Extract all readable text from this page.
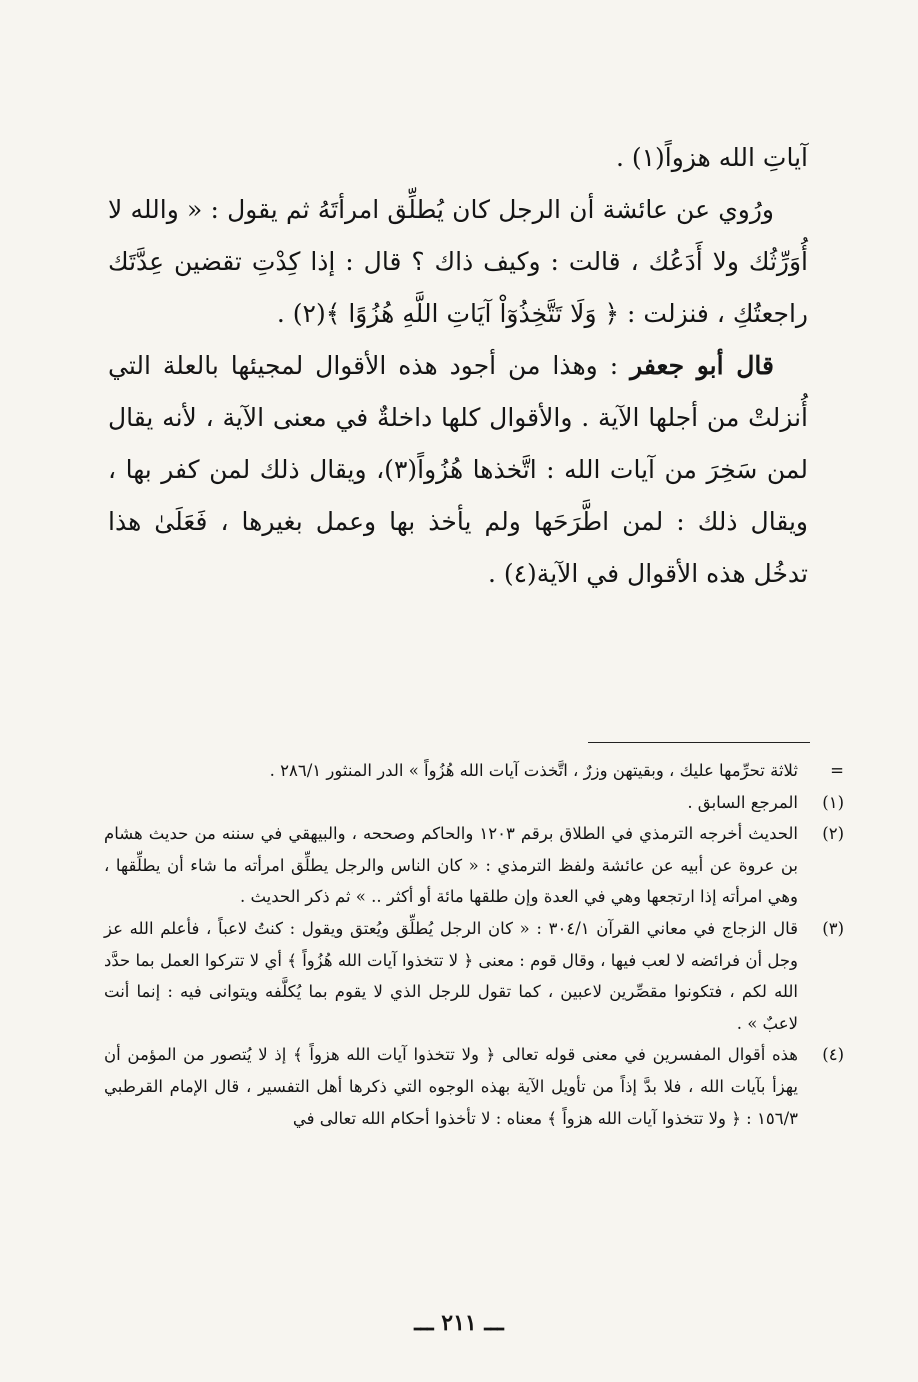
آياتِ الله هزواً(١) .

ورُوي عن عائشة أن الرجل كان يُطلِّق امرأتَهُ ثم يقول : « والله لا أُوَرِّثُك ولا أَدَعُك ، قالت : وكيف ذاك ؟ قال : إذا كِدْتِ تقضين عِدَّتَك راجعتُكِ ، فنزلت : ﴿ وَلَا تَتَّخِذُوٓاْ آيَاتِ اللَّهِ هُزُوًا ﴾(٢) .

قال أبو جعفر : وهذا من أجود هذه الأقوال لمجيئها بالعلة التي أُنزلتْ من أجلها الآية . والأقوال كلها داخلةٌ في معنى الآية ، لأنه يقال لمن سَخِرَ من آيات الله : اتَّخذها هُزُواً(٣)، ويقال ذلك لمن كفر بها ، ويقال ذلك : لمن اطَّرَحَها ولم يأخذ بها وعمل بغيرها ، فَعَلَىٰ هذا تدخُل هذه الأقوال في الآية(٤) .

=
ثلاثة تحرِّمها عليك ، وبقيتهن وزرٌ ، اتَّخذت آيات الله هُزُواً » الدر المنثور ٢٨٦/١ .
(١)
المرجع السابق .
(٢)
الحديث أخرجه الترمذي في الطلاق برقم ١٢٠٣ والحاكم وصححه ، والبيهقي في سننه من حديث هشام بن عروة عن أبيه عن عائشة ولفظ الترمذي : « كان الناس والرجل يطلِّق امرأته ما شاء أن يطلِّقها ، وهي امرأته إذا ارتجعها وهي في العدة وإن طلقها مائة أو أكثر .. » ثم ذكر الحديث .
(٣)
قال الزجاج في معاني القرآن ٣٠٤/١ : « كان الرجل يُطلِّق ويُعتق ويقول : كنتُ لاعباً ، فأعلم الله عز وجل أن فرائضه لا لعب فيها ، وقال قوم : معنى ﴿ لا تتخذوا آيات الله هُزُواً ﴾ أي لا تتركوا العمل بما حدَّد الله لكم ، فتكونوا مقصِّرين لاعبين ، كما تقول للرجل الذي لا يقوم بما يُكلَّفه ويتوانى فيه : إنما أنت لاعبٌ » .
(٤)
هذه أقوال المفسرين في معنى قوله تعالى ﴿ ولا تتخذوا آيات الله هزواً ﴾ إذ لا يُتصور من المؤمن أن يهزأ بآيات الله ، فلا بدَّ إذاً من تأويل الآية بهذه الوجوه التي ذكرها أهل التفسير ، قال الإمام القرطبي ١٥٦/٣ : ﴿ ولا تتخذوا آيات الله هزواً ﴾ معناه : لا تأخذوا أحكام الله تعالى في
ـــ ٢١١ ـــ
